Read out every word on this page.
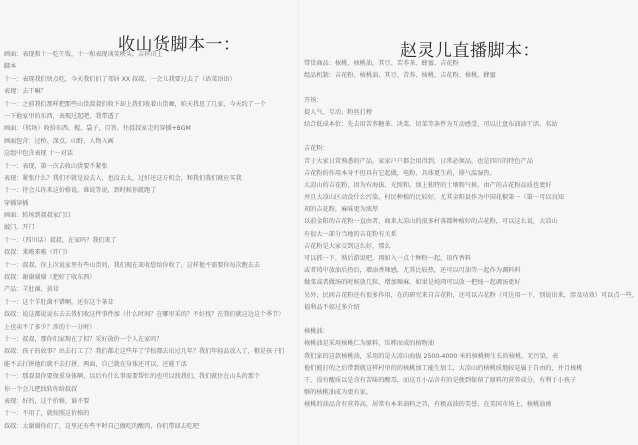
收山货脚本一：
画面：表现和十一吃午饭，十一和表现谈笑映头，吉祥山上
脚本
十一：表现我们快点吃，今天我们们了邻居 XX 叔叔，一会儿我要过去了（语菜语语）
表现：去干嘛？
十一：之前我们那样把那些山货叔叔们收下却上我们收着山货咖，咱天我思了几家，今天约了一个
一下他家里的东西，表现过起吧，我带透了
画面：（转场）收拾东西，棍、袋子，百答，往叔叔家走的穿插+BGM
画面包含：过桥、深点、山野、人物入画
这组中包含表现 十一对话
十一：表现，第一次去收山货要不紧张
表现：紧张什么？我们不就是说去人，也没去太，过好还这方机会，和我们我们就应买我
十一：待会儿你来这价格说，谁说等说，到时候你就跑了
穿插穿插
画面：转场到叔叔家门口
敲门，开门
十一：（四川话）叔叔，在家吗？我们来了
叔叔：来啦来啦（开门）
十一：叔叔，你上次说家里有些山货的，我们现在来收您给你收了，这样他不需要你每次跑去去
叔叔：谢谢谢谢（把好了收东西）
产品：羊肚菌、黄茸
十一：这个羊肚菌不错啊，还有这个茶茸
叔叔：说这都说说东去去我们收这件事件加（什么时间？在哪里采的？不好找？在我们就这边这个季节）
上也卖不了多少？涉的十一分时）
十一：叔叔，那你们家现在了拟？采好放价一个人在家吗？
叔叔：孩子的故事？出去打工了？我们都走这些年了学校都去出过几年？我们年轻品放人了，粮是孩子们
能不去打拼他们就不去打拼，两面，自己就在身体还可以，还能干活
十一：那叔叔你要保重身体啊，以后有什么事需要帮忙的也可以找我们，我们就住在山头的那个
你一个会儿把找转你给叔叔
表现：好的，这个价格，谁不要
十一：不用了，就按照这价格的
叔叔：太谢谢你们了，这里还有些平时自己做吃的酸肉，你们带回去吃吧
赵灵儿直播脚本：
带货商品：核桃、核桃油、其豆、苦荞茶、蜂蜜、吉花粉
组品机制：吉花粉、核桃油、其豆、苦荞、核桃、吉花粉、核桃、蜂蜜
开场：
提人气、互动、粉丝打榜
结合低成本价：先去用苦荞糖茶、决菜、切菜等条件为互动感受，可以让盘布油油干活，名站
吉花粉：
苦于大家日常熟悉的产品，家家户户都会用得到，日常必须品，也是四川的特色产品
吉花粉的作用本身不但具有它起做，电粉、具体更生药，排气温湿热。
大凉山的吉花粉，因为有海拔、光照和，加上独特的土壤和气候，由产的吉花粉品质也更好
并且大凉山区动没什么污染，村民种植的比较好，尤其金阳县作为中国花椒第一（第一可以良知
初的吉花粉，麻味更为浓厚
以前金阳的吉花粉一直由者，商来大凉山的很多村落都种植好的吉花粉，可以这么说，大凉山
有很大一部分当地的吉花粉有关系
吉花粉是大家交到这么好，那么
可以抓一下，熟后游说吧，再如入一点十种粉一起，用作香料
或者铸中放油后热后，增添香辣感，尤其比较热，还可以可油等一起作为调料料
做菜或者做汤的时候放几粒，增加辣麻，如果是炖肉可以放一把炖一起调汤更好
另外，民间吉花粉还有很多作用，在的研究来自吉花粉，还可以吉花粉（可达用一下，别说出来，涉及功效）可以点一些，
福利品不如过多介绍
核桃油：
核桃油是采用核桃仁为原料，压榨而成的植物油
我们家的这款核桃油，采用的是大凉山海拔 2500-4000 米的核桃树生长的核桃，无污染，表
他们能打的之后带到就这样村里的的核桃加工能生加工，大凉山的核桃质地较是属于自由的，并且核桃
干，没有酸质以是含有苦味的酸毒，而这且小品含有的是便到保留了原料的营养成分，有利于小孩子
够的核桃油成为更有家。
核桃的油品含有营养高，居常有本来油料之首，有极高油的美誉，在美国市场上，核桃油被
